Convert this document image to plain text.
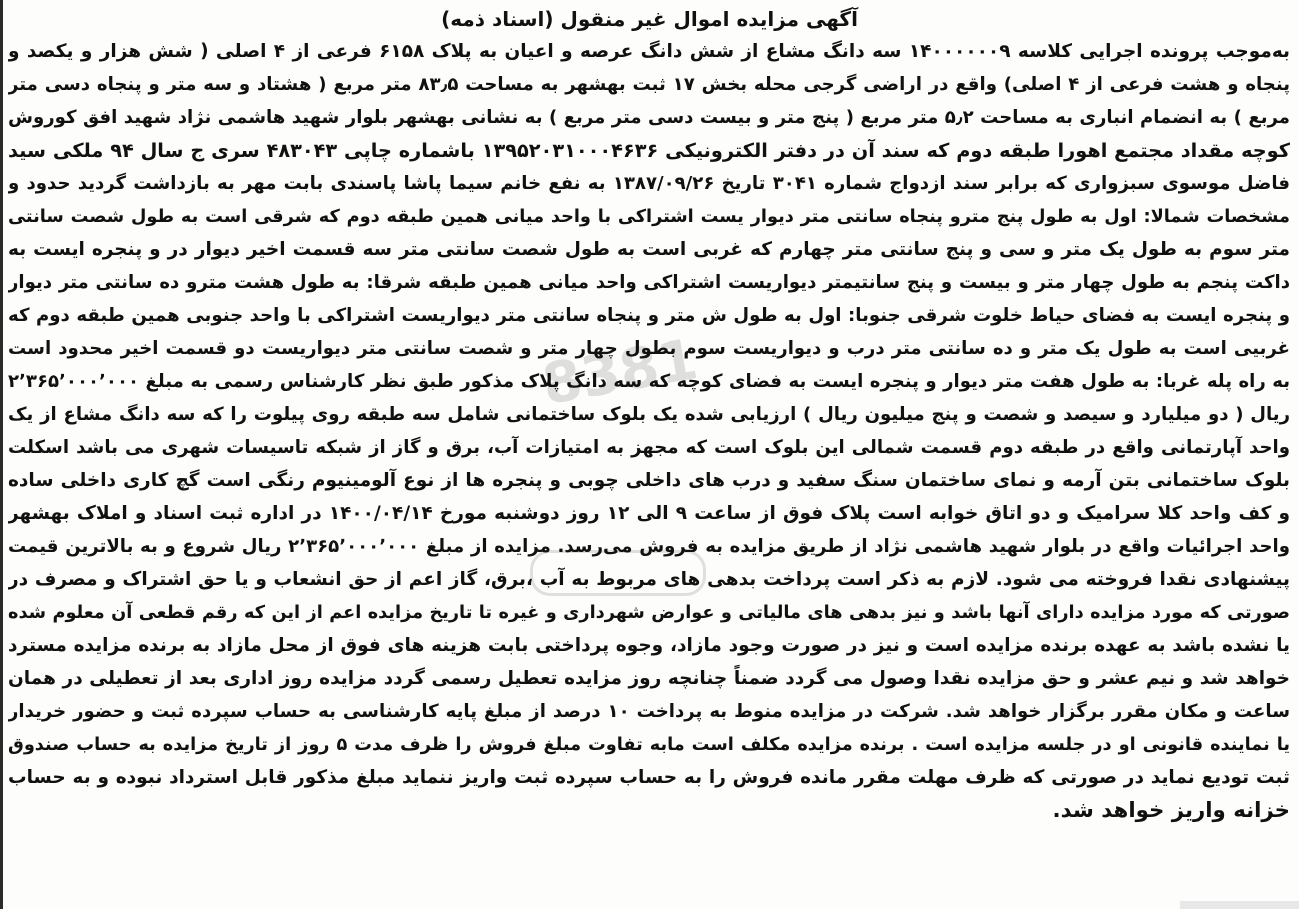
آگهی مزایده اموال غیر منقول (اسناد ذمه)
8381
به‌موجب پرونده اجرایی کلاسه ۱۴۰۰۰۰۰۰۹ سه دانگ مشاع از شش دانگ عرصه و اعیان به پلاک ۶۱۵۸ فرعی از ۴ اصلی ( شش هزار و یکصد و
پنجاه و هشت فرعی از ۴ اصلی) واقع در اراضی گرجی محله بخش ۱۷ ثبت بهشهر به مساحت ۸۳٫۵ متر مربع ( هشتاد و سه متر و پنجاه دسی متر
مربع ) به انضمام انباری به مساحت ۵٫۲ متر مربع ( پنج متر و بیست دسی متر مربع ) به نشانی بهشهر بلوار شهید هاشمی نژاد شهید افق کوروش
کوچه مقداد مجتمع اهورا طبقه دوم که سند آن در دفتر الکترونیکی ۱۳۹۵۲۰۳۱۰۰۰۴۶۳۶ باشماره چاپی ۴۸۳۰۴۳ سری ج سال ۹۴ ملکی سید
فاضل موسوی سبزواری که برابر سند ازدواج شماره ۳۰۴۱ تاریخ ۱۳۸۷/۰۹/۲۶ به نفع خانم سیما پاشا پاسندی بابت مهر به بازداشت گردید حدود و
مشخصات شمالا: اول به طول پنج مترو پنجاه سانتی متر دیوار یست اشتراکی با واحد میانی همین طبقه دوم که شرقی است به طول شصت سانتی
متر سوم به طول یک متر و سی و پنج سانتی متر چهارم که غربی است به طول شصت سانتی متر سه قسمت اخیر دیوار در و پنجره ایست به
داکت پنجم به طول چهار متر و بیست و پنج سانتیمتر دیواریست اشتراکی واحد میانی همین طبقه شرقا: به طول هشت مترو ده سانتی متر دیوار
و پنجره ایست به فضای حیاط خلوت شرقی جنوبا: اول به طول ش متر و پنجاه سانتی متر دیواریست اشتراکی با واحد جنوبی همین طبقه دوم که
غربیی است به طول یک متر و ده سانتی متر درب و دیواریست سوم بطول چهار متر و شصت سانتی متر دیواریست دو قسمت اخیر محدود است
به راه پله غربا: به طول هفت متر دیوار و پنجره ایست به فضای کوچه که سه دانگ پلاک مذکور طبق نظر کارشناس رسمی به مبلغ ۲٬۳۶۵٬۰۰۰٬۰۰۰
ریال ( دو میلیارد و سیصد و شصت و پنج میلیون ریال ) ارزیابی شده یک بلوک ساختمانی شامل سه طبقه روی پیلوت را که سه دانگ مشاع از یک
واحد آپارتمانی واقع در طبقه دوم قسمت شمالی این بلوک است که مجهز به امتیازات آب، برق و گاز از شبکه تاسیسات شهری می باشد اسکلت
بلوک ساختمانی بتن آرمه و نمای ساختمان سنگ سفید و درب های داخلی چوبی و پنجره ها از نوع آلومینیوم رنگی است گچ کاری داخلی ساده
و کف واحد کلا سرامیک و دو اتاق خوابه است پلاک فوق از ساعت ۹ الی ۱۲ روز دوشنبه مورخ ۱۴۰۰/۰۴/۱۴ در اداره ثبت اسناد و املاک بهشهر
واحد اجرائیات واقع در بلوار شهید هاشمی نژاد از طریق مزایده به فروش می‌رسد. مزایده از مبلغ ۲٬۳۶۵٬۰۰۰٬۰۰۰ ریال شروع و به بالاترین قیمت
پیشنهادی نقدا فروخته می شود. لازم به ذکر است پرداخت بدهی های مربوط به آب ،برق، گاز اعم از حق انشعاب و یا حق اشتراک و مصرف در
صورتی که مورد مزایده دارای آنها باشد و نیز بدهی های مالیاتی و عوارض شهرداری و غیره تا تاریخ مزایده اعم از این که رقم قطعی آن معلوم شده
یا نشده باشد به عهده برنده مزایده است و نیز در صورت وجود مازاد، وجوه پرداختی بابت هزینه های فوق از محل مازاد به برنده مزایده مسترد
خواهد شد و نیم عشر و حق مزایده نقدا وصول می گردد ضمناً چنانچه روز مزایده تعطیل رسمی گردد مزایده روز اداری بعد از تعطیلی در همان
ساعت و مکان مقرر برگزار خواهد شد. شرکت در مزایده منوط به پرداخت ۱۰ درصد از مبلغ پایه کارشناسی به حساب سپرده ثبت و حضور خریدار
یا نماینده قانونی او در جلسه مزایده است . برنده مزایده مکلف است مابه تفاوت مبلغ فروش را ظرف مدت ۵ روز از تاریخ مزایده به حساب صندوق
ثبت تودیع نماید در صورتی که ظرف مهلت مقرر مانده فروش را به حساب سپرده ثبت واریز ننماید مبلغ مذکور قابل استرداد نبوده و به حساب
خزانه واریز خواهد شد.
